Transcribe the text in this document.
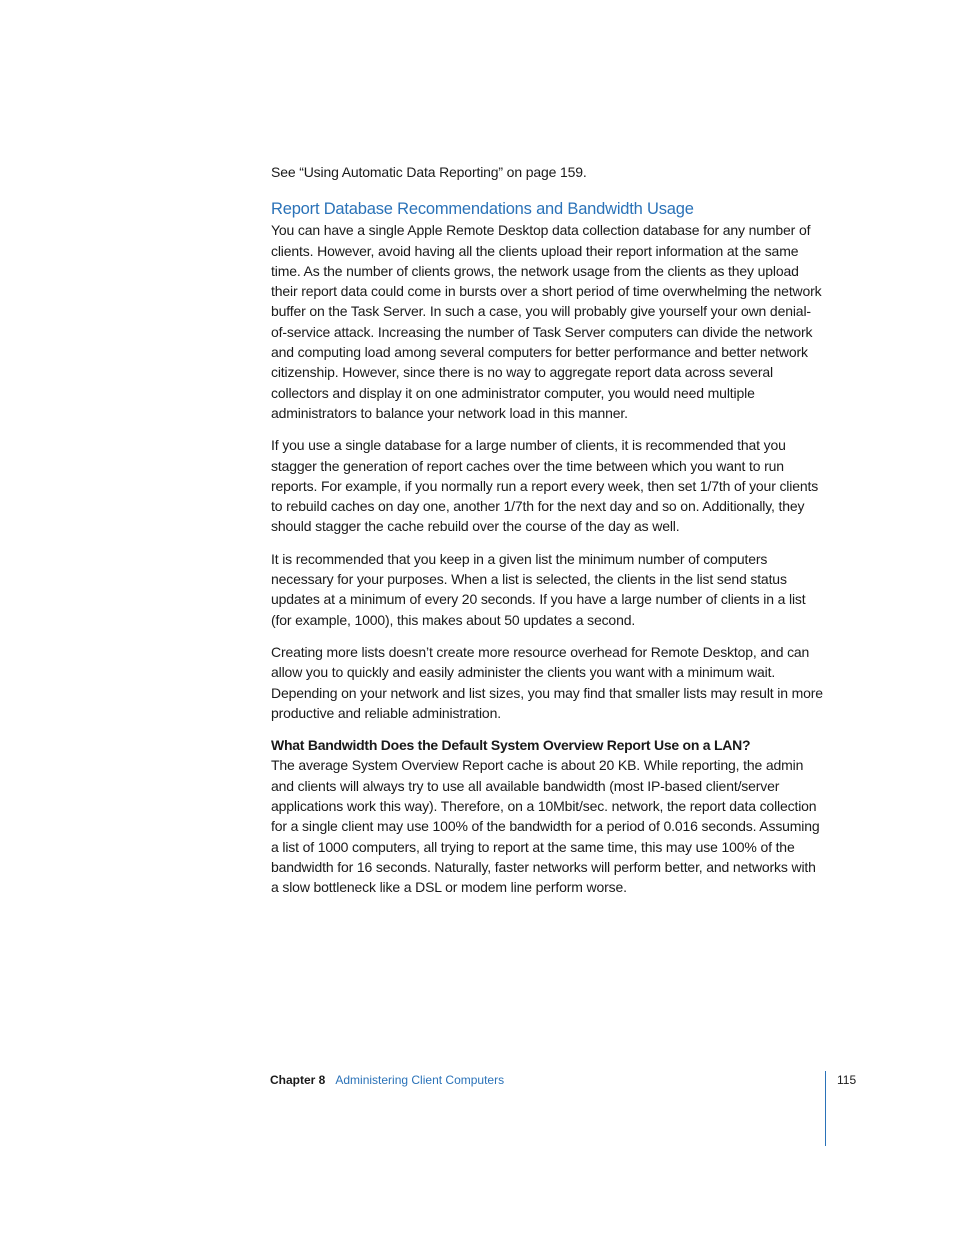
See “Using Automatic Data Reporting” on page 159.

Report Database Recommendations and Bandwidth Usage

You can have a single Apple Remote Desktop data collection database for any number of clients. However, avoid having all the clients upload their report information at the same time. As the number of clients grows, the network usage from the clients as they upload their report data could come in bursts over a short period of time overwhelming the network buffer on the Task Server. In such a case, you will probably give yourself your own denial-of-service attack. Increasing the number of Task Server computers can divide the network and computing load among several computers for better performance and better network citizenship. However, since there is no way to aggregate report data across several collectors and display it on one administrator computer, you would need multiple administrators to balance your network load in this manner.

If you use a single database for a large number of clients, it is recommended that you stagger the generation of report caches over the time between which you want to run reports. For example, if you normally run a report every week, then set 1/7th of your clients to rebuild caches on day one, another 1/7th for the next day and so on. Additionally, they should stagger the cache rebuild over the course of the day as well.

It is recommended that you keep in a given list the minimum number of computers necessary for your purposes. When a list is selected, the clients in the list send status updates at a minimum of every 20 seconds. If you have a large number of clients in a list (for example, 1000), this makes about 50 updates a second.

Creating more lists doesn’t create more resource overhead for Remote Desktop, and can allow you to quickly and easily administer the clients you want with a minimum wait. Depending on your network and list sizes, you may find that smaller lists may result in more productive and reliable administration.

What Bandwidth Does the Default System Overview Report Use on a LAN?

The average System Overview Report cache is about 20 KB. While reporting, the admin and clients will always try to use all available bandwidth (most IP-based client/server applications work this way). Therefore, on a 10Mbit/sec. network, the report data collection for a single client may use 100% of the bandwidth for a period of 0.016 seconds. Assuming a list of 1000 computers, all trying to report at the same time, this may use 100% of the bandwidth for 16 seconds. Naturally, faster networks will perform better, and networks with a slow bottleneck like a DSL or modem line perform worse.

Chapter 8 Administering Client Computers	115
